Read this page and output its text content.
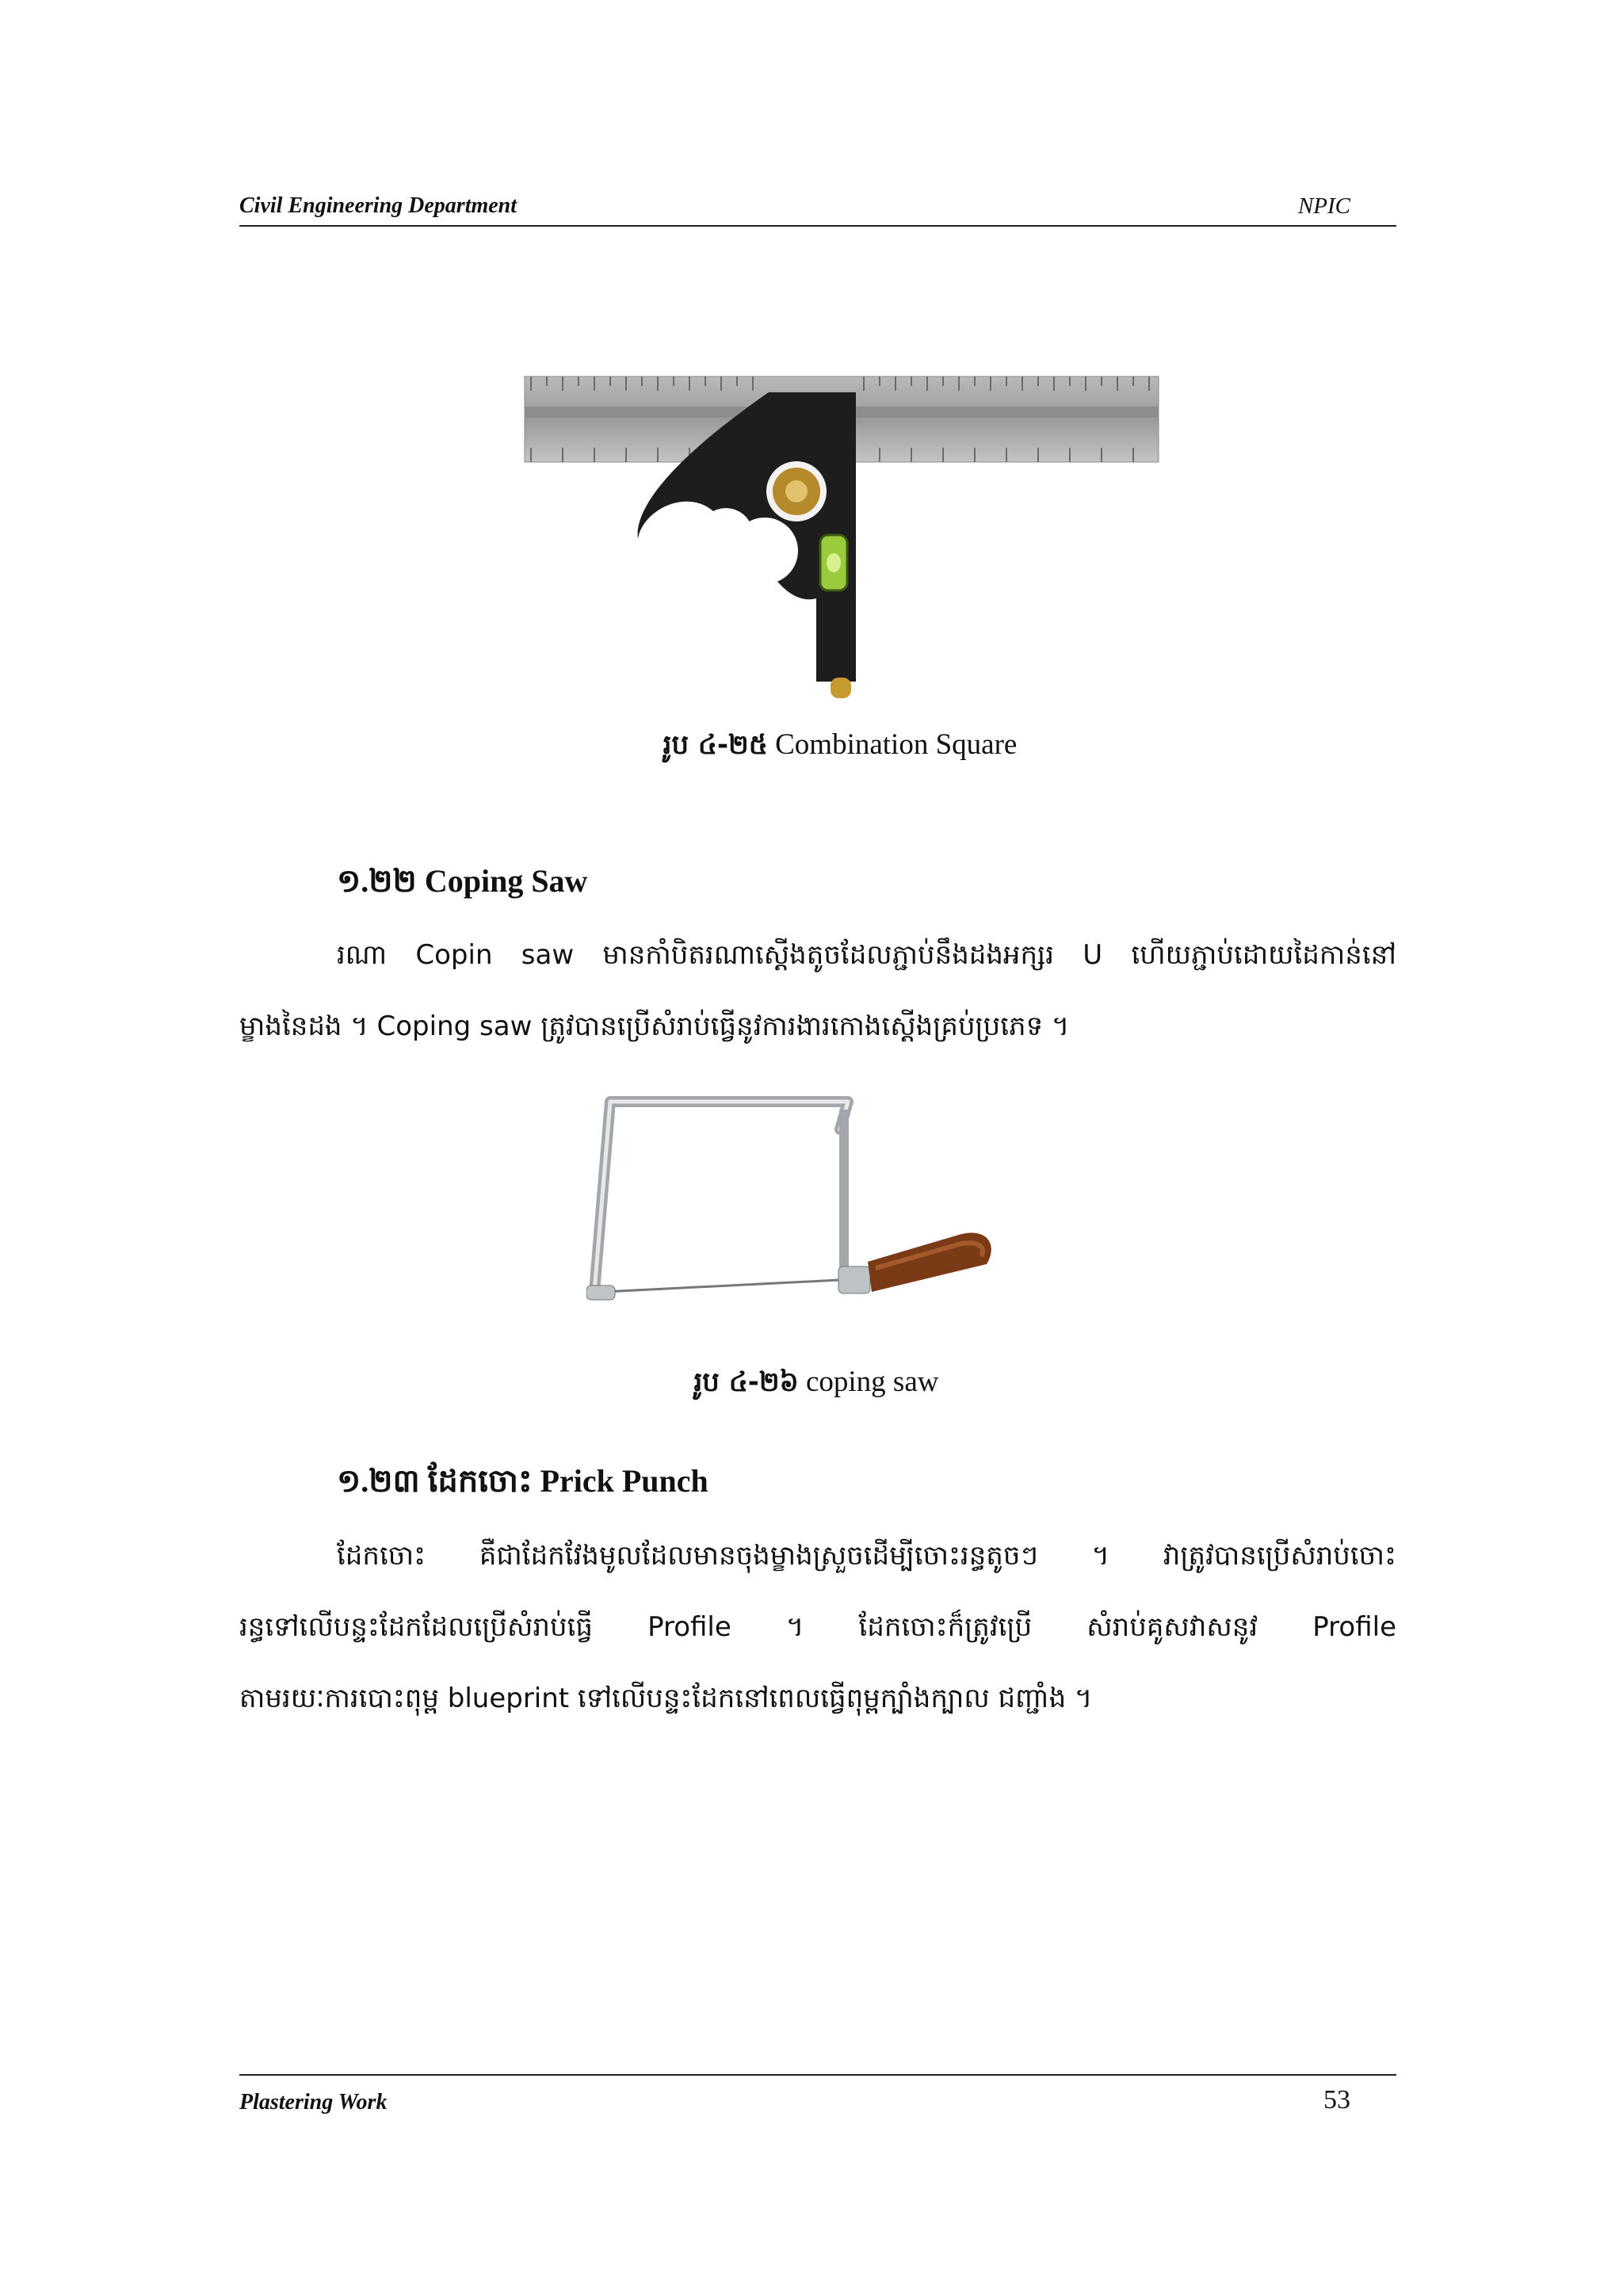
Civil Engineering Department	NPIC
រូប ៤-២៥ Combination Square
១.២២ Coping Saw
រណា Copin saw មានកាំបិតរណាស្តើងតូចដែលភ្ជាប់នឹងដងអក្សរ U ហើយភ្ជាប់ដោយដៃកាន់នៅ
ម្ខាងនៃដង ។ Coping saw ត្រូវបានប្រើសំរាប់ធ្វើនូវការងារកោងស្តើងគ្រប់ប្រភេទ ។
រូប ៤-២៦ coping saw
១.២៣ ដែកចោះ Prick Punch
ដែកចោះ គឺជាដែកវែងមូលដែលមានចុងម្ខាងស្រួចដើម្បីចោះរន្ធតូចៗ ។ វាត្រូវបានប្រើសំរាប់ចោះ
រន្ធទៅលើបន្ទះដែកដែលប្រើសំរាប់ធ្វើ Profile ។ ដែកចោះក៏ត្រូវប្រើ សំរាប់គូសវាសនូវ Profile
តាមរយៈការបោះពុម្ព blueprint ទៅលើបន្ទះដែកនៅពេលធ្វើពុម្ពក្បាំងក្បាល ជញ្ជាំង ។
Plastering Work	53
